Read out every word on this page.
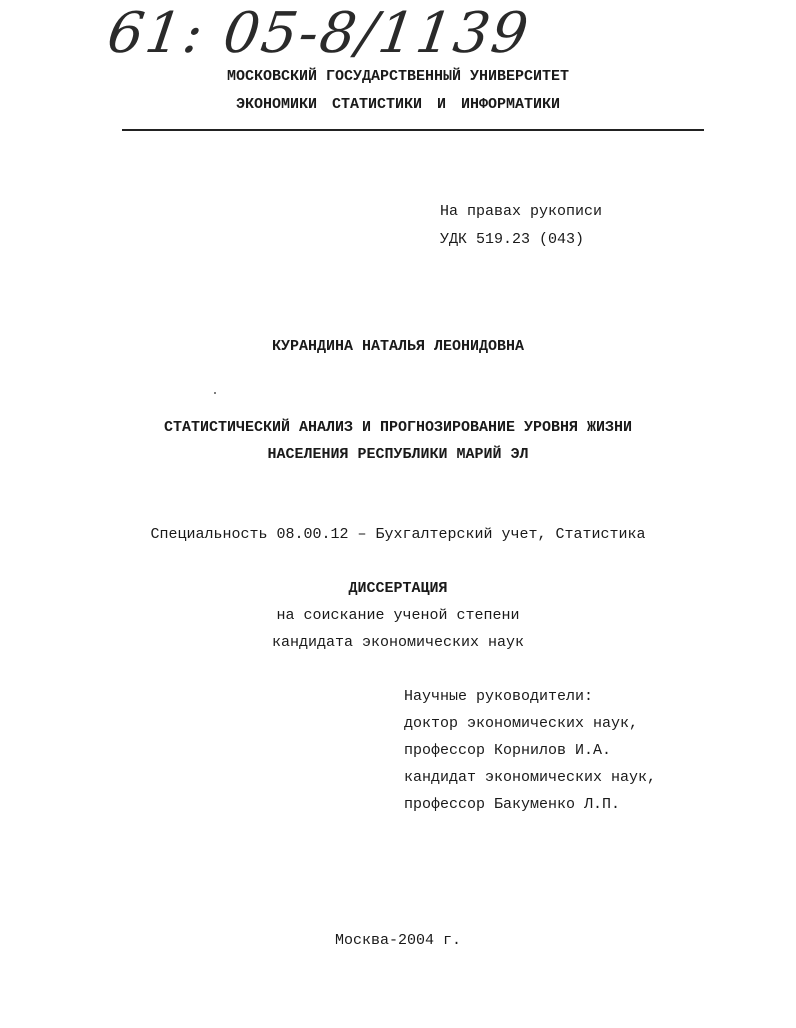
61: 05-8/1139
МОСКОВСКИЙ ГОСУДАРСТВЕННЫЙ УНИВЕРСИТЕТ
ЭКОНОМИКИ СТАТИСТИКИ И ИНФОРМАТИКИ
На правах рукописи
УДК 519.23 (043)
КУРАНДИНА НАТАЛЬЯ ЛЕОНИДОВНА
СТАТИСТИЧЕСКИЙ АНАЛИЗ И ПРОГНОЗИРОВАНИЕ УРОВНЯ ЖИЗНИ
НАСЕЛЕНИЯ РЕСПУБЛИКИ МАРИЙ ЭЛ
Специальность 08.00.12 – Бухгалтерский учет, Статистика
ДИССЕРТАЦИЯ
на соискание ученой степени
кандидата экономических наук
Научные руководители:
доктор экономических наук,
профессор Корнилов И.А.
кандидат экономических наук,
профессор Бакуменко Л.П.
Москва-2004 г.
